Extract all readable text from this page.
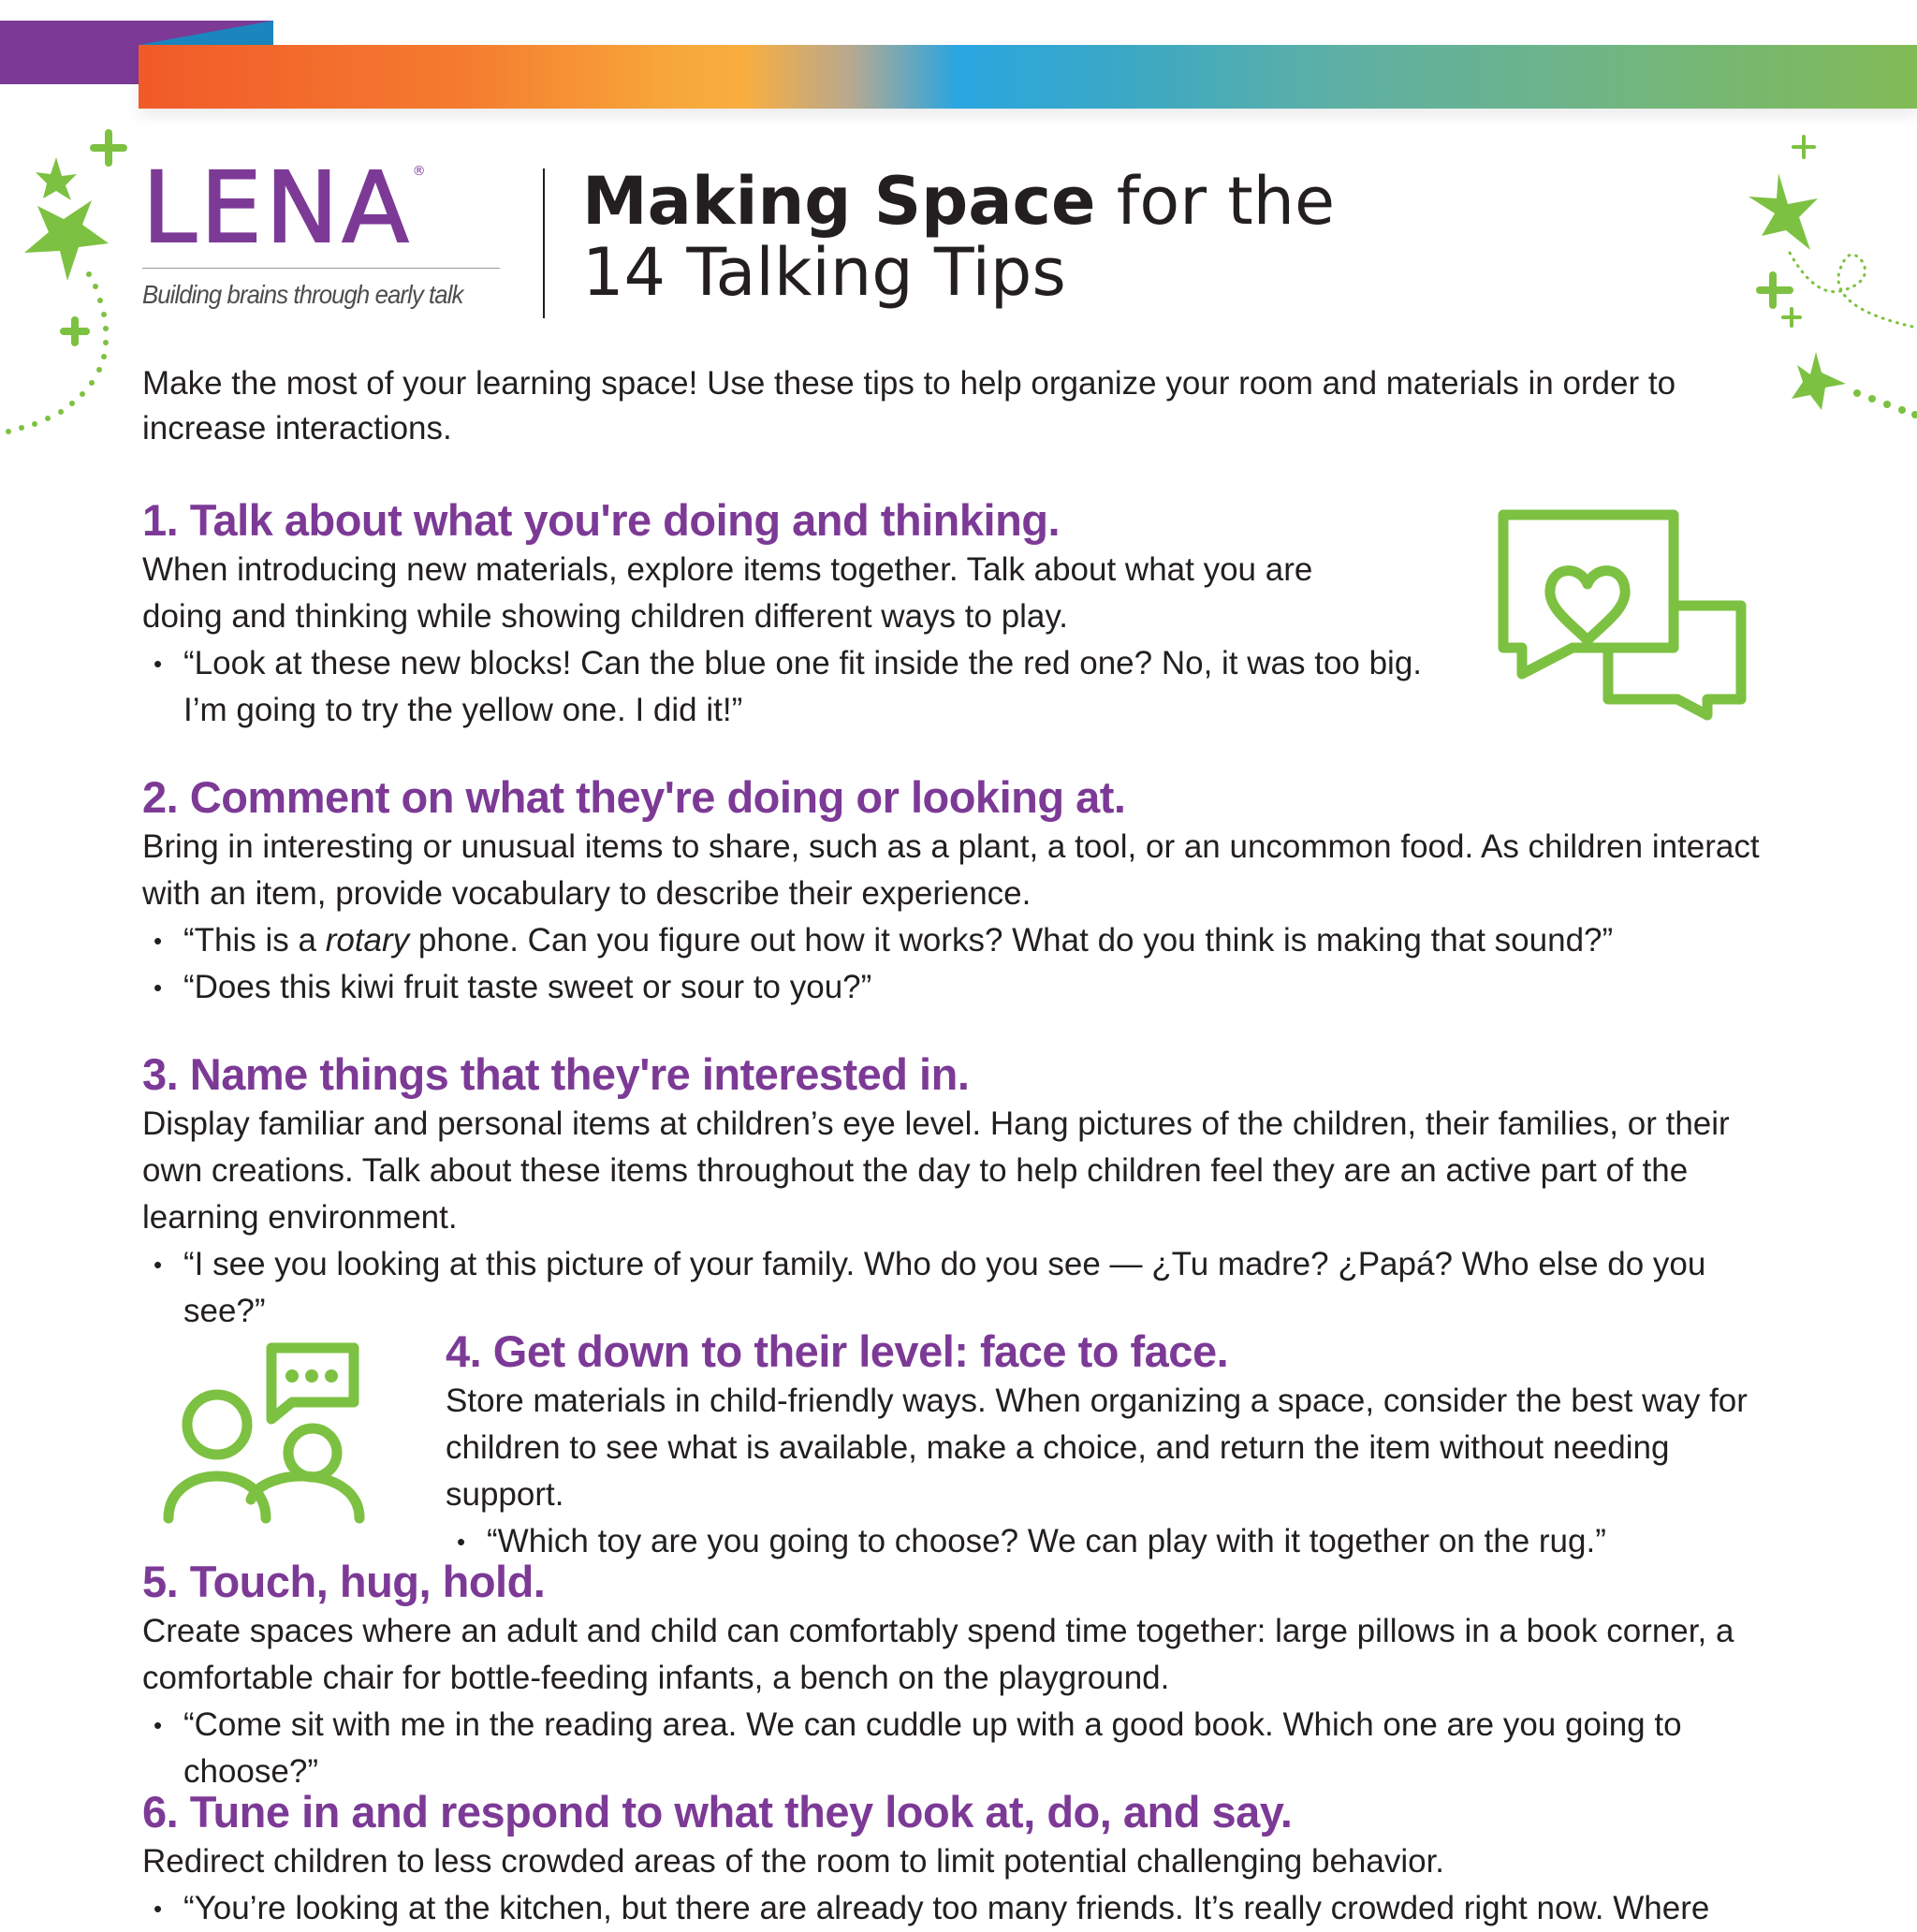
LENA ®
Building brains through early talk
Making Space for the
14 Talking Tips
Make the most of your learning space! Use these tips to help organize your room and materials in order to increase interactions.
1. Talk about what you're doing and thinking.

When introducing new materials, explore items together. Talk about what you are doing and thinking while showing children different ways to play.

• “Look at these new blocks! Can the blue one fit inside the red one? No, it was too big. I’m going to try the yellow one. I did it!”
2. Comment on what they're doing or looking at.

Bring in interesting or unusual items to share, such as a plant, a tool, or an uncommon food. As children interact with an item, provide vocabulary to describe their experience.

• “This is a rotary phone. Can you figure out how it works? What do you think is making that sound?”
• “Does this kiwi fruit taste sweet or sour to you?”
3. Name things that they're interested in.

Display familiar and personal items at children’s eye level. Hang pictures of the children, their families, or their own creations. Talk about these items throughout the day to help children feel they are an active part of the learning environment.

• “I see you looking at this picture of your family. Who do you see — ¿Tu madre? ¿Papá? Who else do you see?”
4. Get down to their level: face to face.

Store materials in child-friendly ways. When organizing a space, consider the best way for children to see what is available, make a choice, and return the item without needing support.

• “Which toy are you going to choose? We can play with it together on the rug.”
5. Touch, hug, hold.

Create spaces where an adult and child can comfortably spend time together: large pillows in a book corner, a comfortable chair for bottle-feeding infants, a bench on the playground.

• “Come sit with me in the reading area. We can cuddle up with a good book. Which one are you going to choose?”
6. Tune in and respond to what they look at, do, and say.

Redirect children to less crowded areas of the room to limit potential challenging behavior.

• “You’re looking at the kitchen, but there are already too many friends. It’s really crowded right now. Where
